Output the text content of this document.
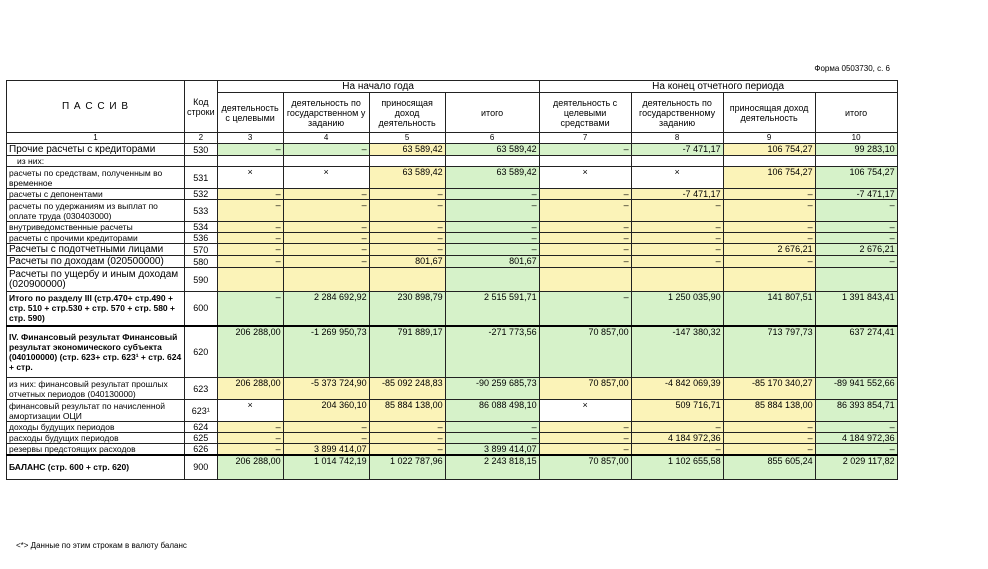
Форма 0503730, с. 6
П А С С И В	Код строки	На начало года				На конец отчетного периода			
		деятельность с целевыми	деятельность по государственном у заданию	приносящая доход деятельность	итого	деятельность с целевыми средствами	деятельность по государственному заданию	приносящая доход деятельность	итого
1	2	3	4	5	6	7	8	9	10
Прочие расчеты с кредиторами	530	–	–	63 589,42	63 589,42	–	-7 471,17	106 754,27	99 283,10
из них:									
расчеты по средствам, полученным во временное	531	×	×	63 589,42	63 589,42	×	×	106 754,27	106 754,27
расчеты с депонентами	532	–	–	–	–	–	-7 471,17	–	-7 471,17
расчеты по удержаниям из выплат по оплате труда (030403000)	533	–	–	–	–	–	–	–	–
внутриведомственные расчеты	534	–	–	–	–	–	–	–	–
расчеты с прочими кредиторами	536	–	–	–	–	–	–	–	–
Расчеты с подотчетными лицами	570	–	–	–	–	–	–	2 676,21	2 676,21
Расчеты по доходам (020500000)	580	–	–	801,67	801,67	–	–	–	–
Расчеты по ущербу и иным доходам (020900000)	590								
Итого по разделу III (стр.470+ стр.490 + стр. 510 + стр.530 + стр. 570 + стр. 580 + стр. 590)	600	–	2 284 692,92	230 898,79	2 515 591,71	–	1 250 035,90	141 807,51	1 391 843,41
IV. Финансовый результат Финансовый результат экономического субъекта (040100000) (стр. 623+ стр. 623¹ + стр. 624 + стр.	620	206 288,00	-1 269 950,73	791 889,17	-271 773,56	70 857,00	-147 380,32	713 797,73	637 274,41
из них: финансовый результат прошлых отчетных периодов (040130000)	623	206 288,00	-5 373 724,90	-85 092 248,83	-90 259 685,73	70 857,00	-4 842 069,39	-85 170 340,27	-89 941 552,66
финансовый результат по начисленной амортизации ОЦИ	623¹	×	204 360,10	85 884 138,00	86 088 498,10	×	509 716,71	85 884 138,00	86 393 854,71
доходы будущих периодов	624	–	–	–	–	–	–	–	–
расходы будущих периодов	625	–	–	–	–	–	4 184 972,36	–	4 184 972,36
резервы предстоящих расходов	626	–	3 899 414,07	–	3 899 414,07	–	–	–	–
БАЛАНС (стр. 600 + стр. 620)	900	206 288,00	1 014 742,19	1 022 787,96	2 243 818,15	70 857,00	1 102 655,58	855 605,24	2 029 117,82
<*> Данные по этим строкам в валюту баланс
